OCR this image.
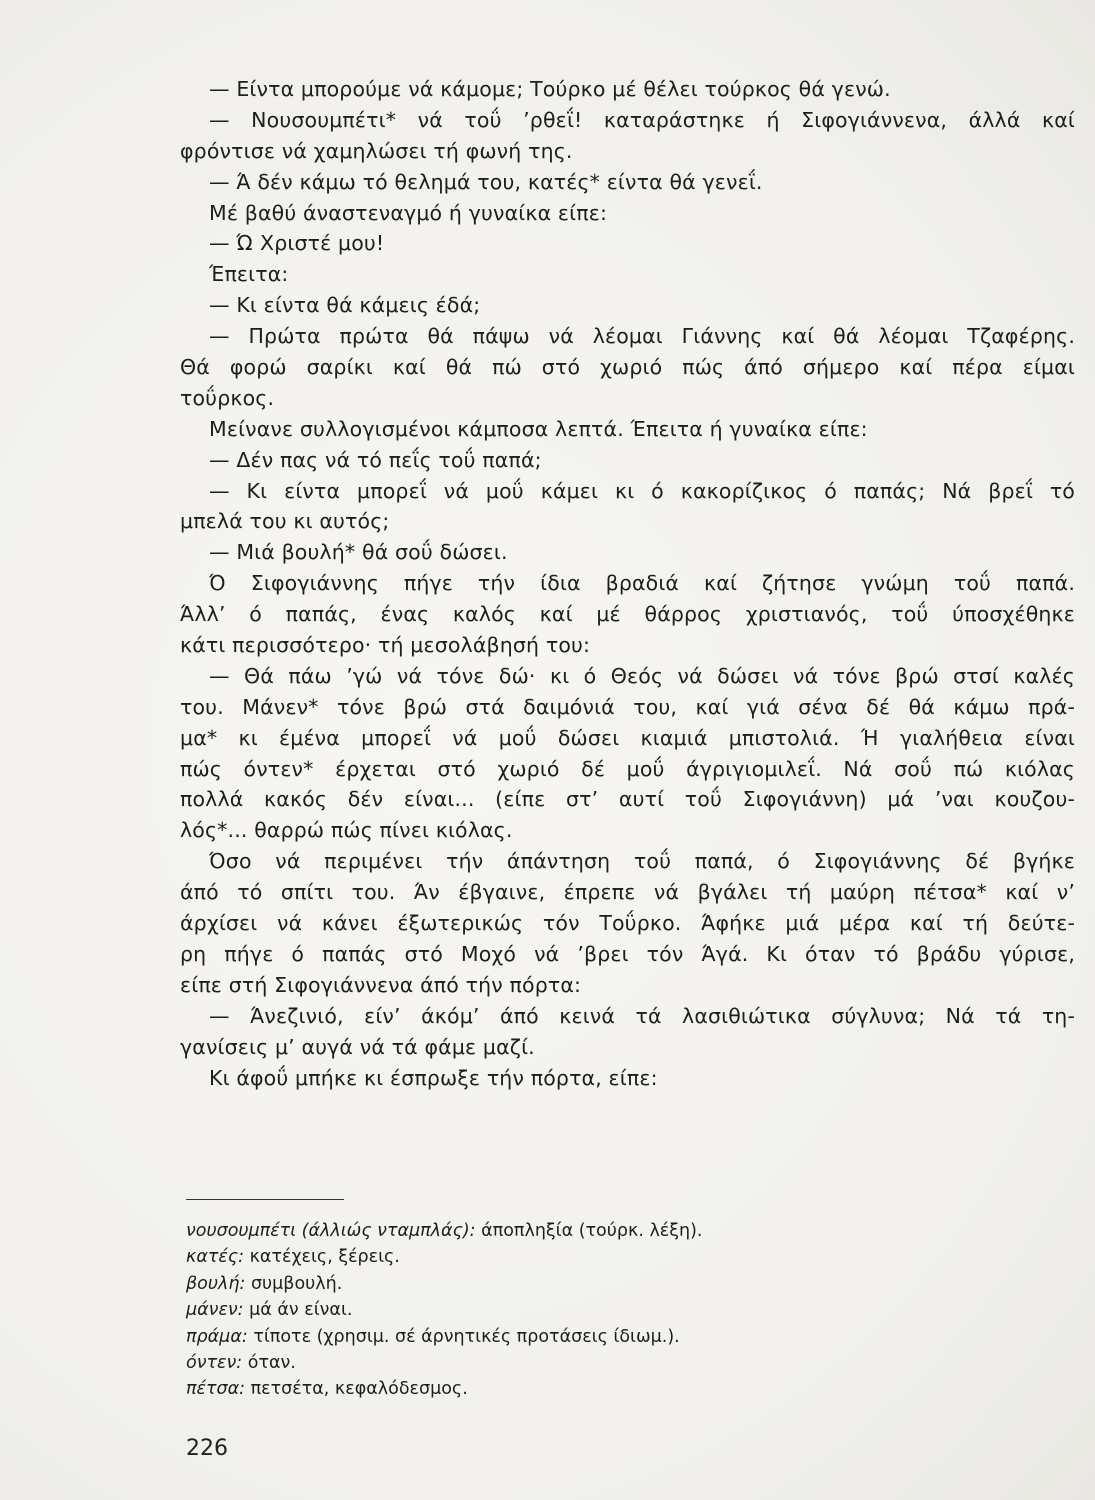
— Είντα μπορούμε νά κάμομε; Τούρκο μέ θέλει τούρκος θά γενώ.
— Νουσουμπέτι* νά τοΰ ’ρθεΐ! καταράστηκε ή Σιφογιάννενα, άλλά καί
φρόντισε νά χαμηλώσει τή φωνή της.
— Ά δέν κάμω τό θελημά του, κατές* είντα θά γενεΐ.
Μέ βαθύ άναστεναγμό ή γυναίκα είπε:
— Ώ Χριστέ μου!
Έπειτα:
— Κι είντα θά κάμεις έδά;
— Πρώτα πρώτα θά πάψω νά λέομαι Γιάννης καί θά λέομαι Τζαφέρης.
Θά φορώ σαρίκι καί θά πώ στό χωριό πώς άπό σήμερο καί πέρα είμαι
τοΰρκος.
Μείνανε συλλογισμένοι κάμποσα λεπτά. Έπειτα ή γυναίκα είπε:
— Δέν πας νά τό πεΐς τοΰ παπά;
— Κι είντα μπορεΐ νά μοΰ κάμει κι ό κακορίζικος ό παπάς; Νά βρεΐ τό
μπελά του κι αυτός;
— Μιά βουλή* θά σοΰ δώσει.
Ό Σιφογιάννης πήγε τήν ίδια βραδιά καί ζήτησε γνώμη τοΰ παπά.
Άλλ’ ό παπάς, ένας καλός καί μέ θάρρος χριστιανός, τοΰ ύποσχέθηκε
κάτι περισσότερο· τή μεσολάβησή του:
— Θά πάω ’γώ νά τόνε δώ· κι ό Θεός νά δώσει νά τόνε βρώ στσί καλές
του. Μάνεν* τόνε βρώ στά δαιμόνιά του, καί γιά σένα δέ θά κάμω πρά-
μα* κι έμένα μπορεΐ νά μοΰ δώσει κιαμιά μπιστολιά. Ή γιαλήθεια είναι
πώς όντεν* έρχεται στό χωριό δέ μοΰ άγριγιομιλεΐ. Νά σοΰ πώ κιόλας
πολλά κακός δέν είναι... (είπε στ’ αυτί τοΰ Σιφογιάννη) μά ’ναι κουζου-
λός*... θαρρώ πώς πίνει κιόλας.
Όσο νά περιμένει τήν άπάντηση τοΰ παπά, ό Σιφογιάννης δέ βγήκε
άπό τό σπίτι του. Άν έβγαινε, έπρεπε νά βγάλει τή μαύρη πέτσα* καί ν’
άρχίσει νά κάνει έξωτερικώς τόν Τοΰρκο. Άφήκε μιά μέρα καί τή δεύτε-
ρη πήγε ό παπάς στό Μοχό νά ’βρει τόν Άγά. Κι όταν τό βράδυ γύρισε,
είπε στή Σιφογιάννενα άπό τήν πόρτα:
— Άνεζινιό, είν’ άκόμ’ άπό κεινά τά λασιθιώτικα σύγλυνα; Νά τά τη-
γανίσεις μ’ αυγά νά τά φάμε μαζί.
Κι άφοΰ μπήκε κι έσπρωξε τήν πόρτα, είπε:
νουσουμπέτι (άλλιώς νταμπλάς): άποπληξία (τούρκ. λέξη).
κατές: κατέχεις, ξέρεις.
βουλή: συμβουλή.
μάνεν: μά άν είναι.
πράμα: τίποτε (χρησιμ. σέ άρνητικές προτάσεις ίδιωμ.).
όντεν: όταν.
πέτσα: πετσέτα, κεφαλόδεσμος.
226
